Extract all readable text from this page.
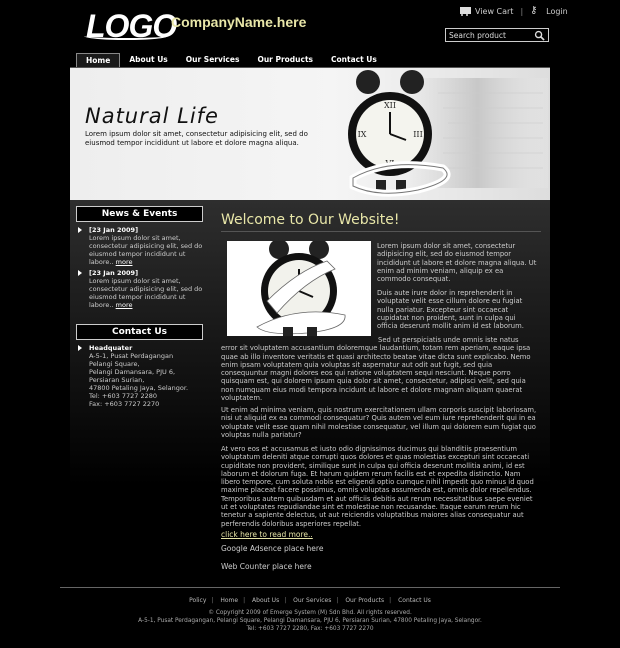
LOGO
CompanyName.here
View Cart | ⚷	Login
Search product
Home	About Us	Our Services	Our Products	Contact Us
Natural Life
Lorem ipsum dolor sit amet, consectetur adipisicing elit, sed do eiusmod tempor incididunt ut labore et dolore magna aliqua.
XII
VI
IX	III
News & Events
[23 Jan 2009]
Lorem ipsum dolor sit amet, consectetur adipisicing elit, sed do eiusmod tempor incididunt ut labore.. more
[23 Jan 2009]
Lorem ipsum dolor sit amet, consectetur adipisicing elit, sed do eiusmod tempor incididunt ut labore.. more
Contact Us
Headquater
A-5-1, Pusat Perdagangan
Pelangi Square,
Pelangi Damansara, PJU 6,
Persiaran Surian,
47800 Petaling Jaya, Selangor.
Tel: +603 7727 2280
Fax: +603 7727 2270
Welcome to Our Website!
Lorem ipsum dolor sit amet, consectetur adipisicing elit, sed do eiusmod tempor incididunt ut labore et dolore magna aliqua. Ut enim ad minim veniam, aliquip ex ea commodo consequat.
Duis aute irure dolor in reprehenderit in voluptate velit esse cillum dolore eu fugiat nulla pariatur. Excepteur sint occaecat cupidatat non proident, sunt in culpa qui officia deserunt mollit anim id est laborum.
Sed ut perspiciatis unde omnis iste natus error sit voluptatem accusantium doloremque laudantium, totam rem aperiam, eaque ipsa quae ab illo inventore veritatis et quasi architecto beatae vitae dicta sunt explicabo. Nemo enim ipsam voluptatem quia voluptas sit aspernatur aut odit aut fugit, sed quia consequuntur magni dolores eos qui ratione voluptatem sequi nesciunt. Neque porro quisquam est, qui dolorem ipsum quia dolor sit amet, consectetur, adipisci velit, sed quia non numquam eius modi tempora incidunt ut labore et dolore magnam aliquam quaerat voluptatem.
Ut enim ad minima veniam, quis nostrum exercitationem ullam corporis suscipit laboriosam, nisi ut aliquid ex ea commodi consequatur? Quis autem vel eum iure reprehenderit qui in ea voluptate velit esse quam nihil molestiae consequatur, vel illum qui dolorem eum fugiat quo voluptas nulla pariatur?
At vero eos et accusamus et iusto odio dignissimos ducimus qui blanditiis praesentium voluptatum deleniti atque corrupti quos dolores et quas molestias excepturi sint occaecati cupiditate non provident, similique sunt in culpa qui officia deserunt mollitia animi, id est laborum et dolorum fuga. Et harum quidem rerum facilis est et expedita distinctio. Nam libero tempore, cum soluta nobis est eligendi optio cumque nihil impedit quo minus id quod maxime placeat facere possimus, omnis voluptas assumenda est, omnis dolor repellendus. Temporibus autem quibusdam et aut officiis debitis aut rerum necessitatibus saepe eveniet ut et voluptates repudiandae sint et molestiae non recusandae. Itaque earum rerum hic tenetur a sapiente delectus, ut aut reiciendis voluptatibus maiores alias consequatur aut perferendis doloribus asperiores repellat.
click here to read more..
Google Adsence place here
Web Counter place here
Policy | Home | About Us | Our Services | Our Products | Contact Us
© Copyright 2009 of Emerge System (M) Sdn Bhd. All rights reserved.
A-5-1, Pusat Perdagangan, Pelangi Square, Pelangi Damansara, PJU 6, Persiaran Surian, 47800 Petaling Jaya, Selangor.
Tel: +603 7727 2280, Fax: +603 7727 2270
